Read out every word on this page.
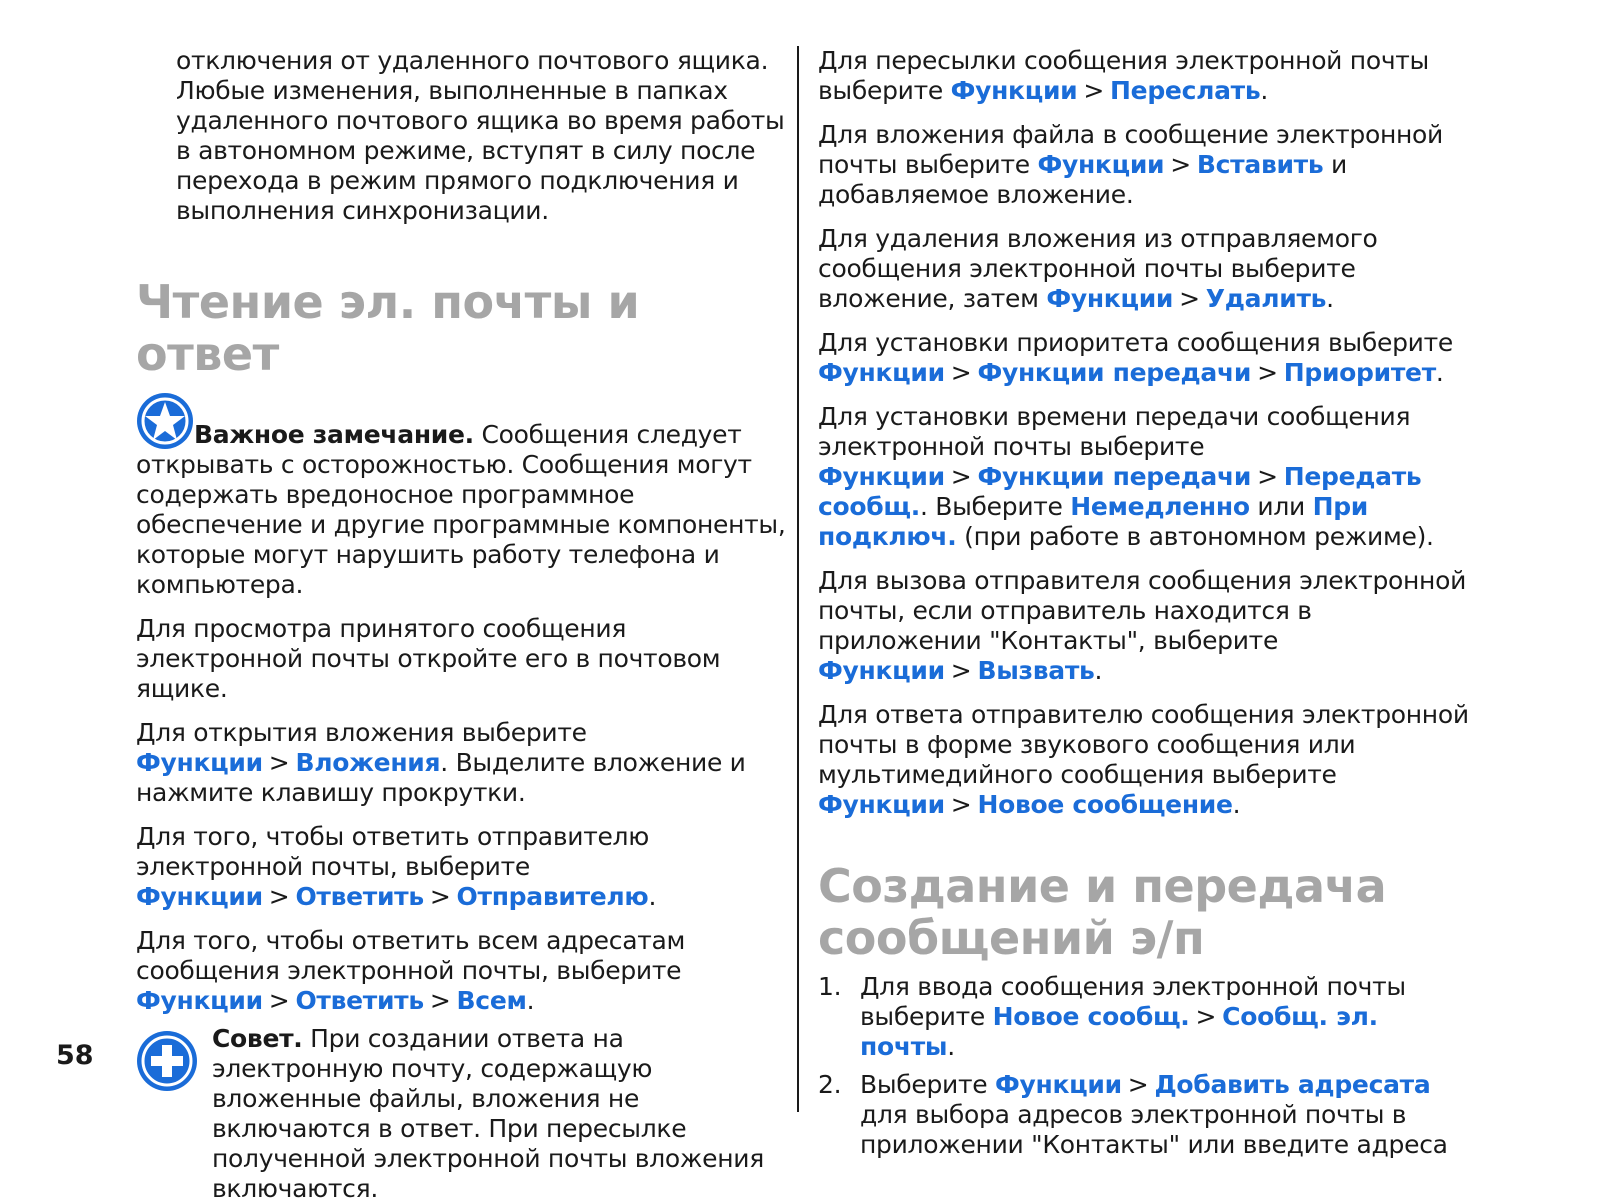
отключения от удаленного почтового ящика. Любые изменения, выполненные в папках удаленного почтового ящика во время работы в автономном режиме, вступят в силу после перехода в режим прямого подключения и выполнения синхронизации.

Чтение эл. почты и ответ

Важное замечание. Сообщения следует открывать с осторожностью. Сообщения могут содержать вредоносное программное обеспечение и другие программные компоненты, которые могут нарушить работу телефона и компьютера.

Для просмотра принятого сообщения электронной почты откройте его в почтовом ящике.

Для открытия вложения выберите Функции > Вложения. Выделите вложение и нажмите клавишу прокрутки.

Для того, чтобы ответить отправителю электронной почты, выберите Функции > Ответить > Отправителю.

Для того, чтобы ответить всем адресатам сообщения электронной почты, выберите Функции > Ответить > Всем.

Совет. При создании ответа на электронную почту, содержащую вложенные файлы, вложения не включаются в ответ. При пересылке полученной электронной почты вложения включаются.

Для пересылки сообщения электронной почты выберите Функции > Переслать.

Для вложения файла в сообщение электронной почты выберите Функции > Вставить и добавляемое вложение.

Для удаления вложения из отправляемого сообщения электронной почты выберите вложение, затем Функции > Удалить.

Для установки приоритета сообщения выберите Функции > Функции передачи > Приоритет.

Для установки времени передачи сообщения электронной почты выберите Функции > Функции передачи > Передать сообщ.. Выберите Немедленно или При подключ. (при работе в автономном режиме).

Для вызова отправителя сообщения электронной почты, если отправитель находится в приложении "Контакты", выберите Функции > Вызвать.

Для ответа отправителю сообщения электронной почты в форме звукового сообщения или мультимедийного сообщения выберите Функции > Новое сообщение.

Создание и передача сообщений э/п
1. Для ввода сообщения электронной почты выберите Новое сообщ. > Сообщ. эл. почты.
2. Выберите Функции > Добавить адресата для выбора адресов электронной почты в приложении "Контакты" или введите адреса
58
